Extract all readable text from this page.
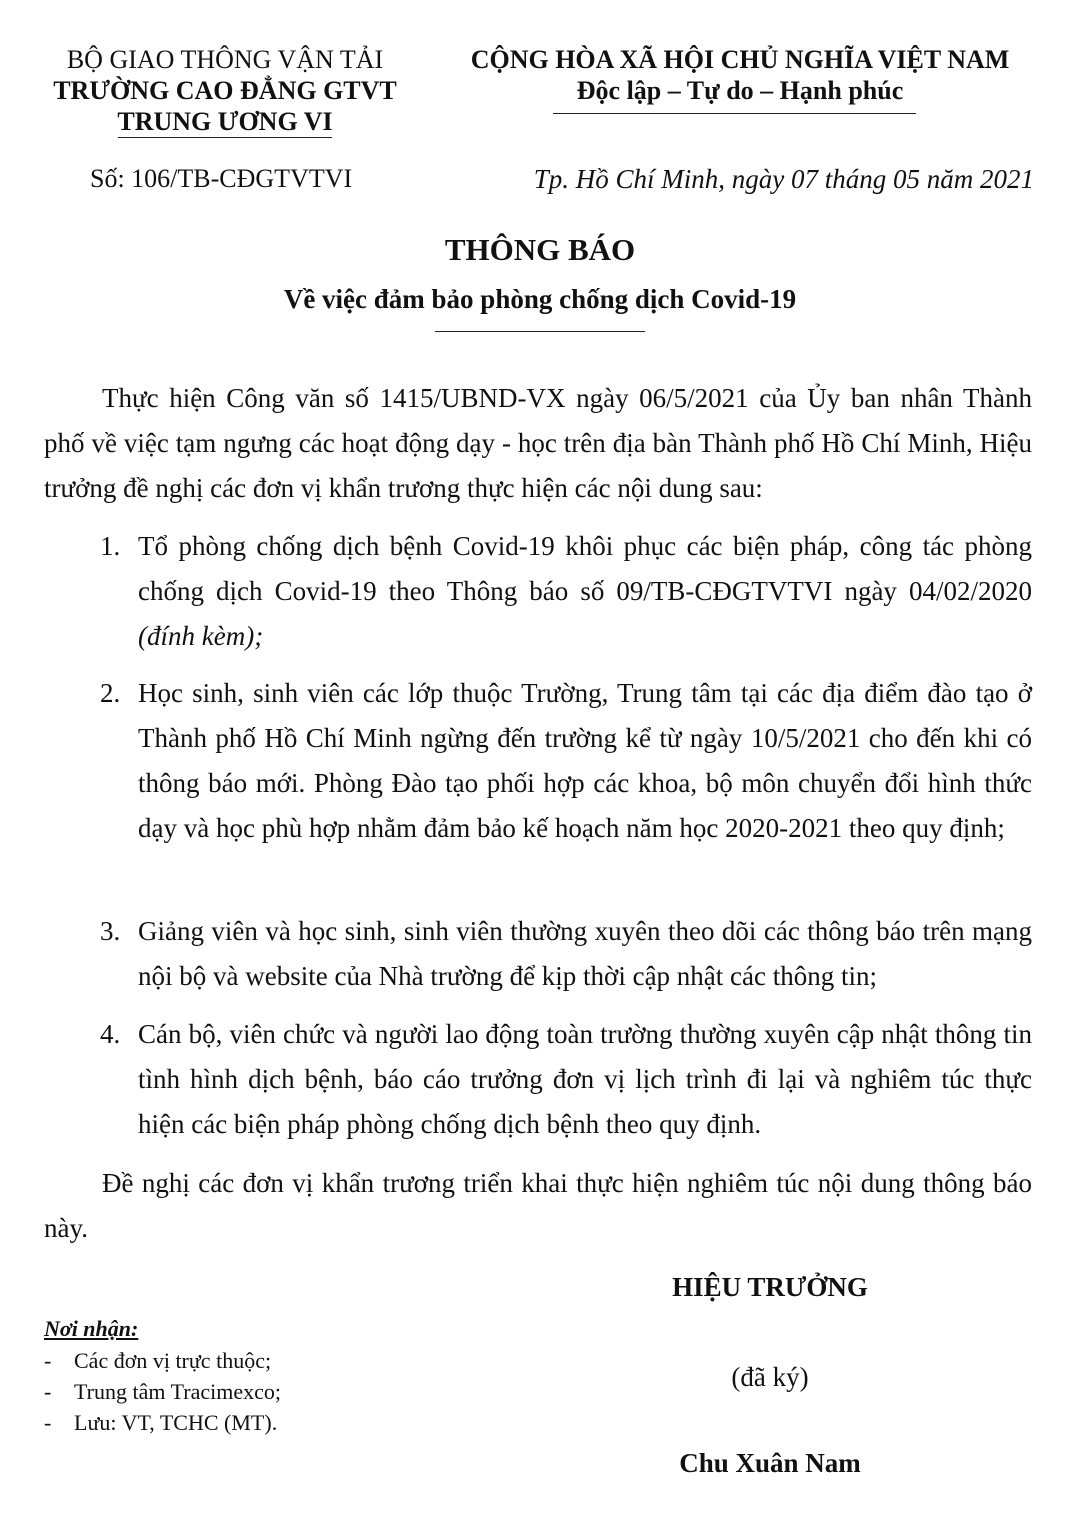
BỘ GIAO THÔNG VẬN TẢI
TRƯỜNG CAO ĐẲNG GTVT
TRUNG ƯƠNG VI
CỘNG HÒA XÃ HỘI CHỦ NGHĨA VIỆT NAM
Độc lập – Tự do – Hạnh phúc
Số: 106/TB-CĐGTVTVI	Tp. Hồ Chí Minh, ngày 07 tháng 05 năm 2021
THÔNG BÁO
Về việc đảm bảo phòng chống dịch Covid-19
Thực hiện Công văn số 1415/UBND-VX ngày 06/5/2021 của Ủy ban nhân Thành phố về việc tạm ngưng các hoạt động dạy - học trên địa bàn Thành phố Hồ Chí Minh, Hiệu trưởng đề nghị các đơn vị khẩn trương thực hiện các nội dung sau:
1. Tổ phòng chống dịch bệnh Covid-19 khôi phục các biện pháp, công tác phòng chống dịch Covid-19 theo Thông báo số 09/TB-CĐGTVTVI ngày 04/02/2020 (đính kèm);
2. Học sinh, sinh viên các lớp thuộc Trường, Trung tâm tại các địa điểm đào tạo ở Thành phố Hồ Chí Minh ngừng đến trường kể từ ngày 10/5/2021 cho đến khi có thông báo mới. Phòng Đào tạo phối hợp các khoa, bộ môn chuyển đổi hình thức dạy và học phù hợp nhằm đảm bảo kế hoạch năm học 2020-2021 theo quy định;
3. Giảng viên và học sinh, sinh viên thường xuyên theo dõi các thông báo trên mạng nội bộ và website của Nhà trường để kịp thời cập nhật các thông tin;
4. Cán bộ, viên chức và người lao động toàn trường thường xuyên cập nhật thông tin tình hình dịch bệnh, báo cáo trưởng đơn vị lịch trình đi lại và nghiêm túc thực hiện các biện pháp phòng chống dịch bệnh theo quy định.
Đề nghị các đơn vị khẩn trương triển khai thực hiện nghiêm túc nội dung thông báo này.
HIỆU TRƯỞNG
(đã ký)
Chu Xuân Nam
Nơi nhận:
-	Các đơn vị trực thuộc;
-	Trung tâm Tracimexco;
-	Lưu: VT, TCHC (MT).
